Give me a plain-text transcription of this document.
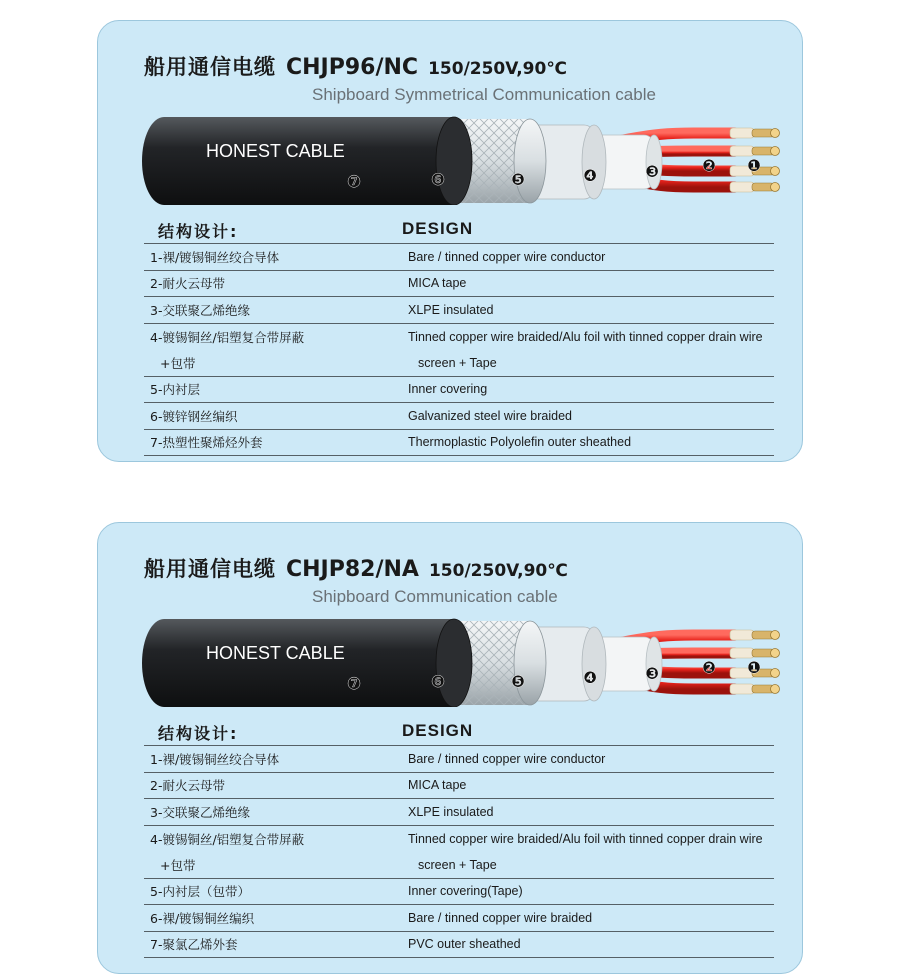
船用通信电缆 CHJP96/NC 150/250V,90℃
Shipboard Symmetrical Communication cable
HONEST CABLE
❶
❷
❸
❹
❺
❻
❼
结构设计:	DESIGN
1-裸/镀锡铜丝绞合导体	Bare / tinned copper wire conductor
2-耐火云母带	MICA tape
3-交联聚乙烯绝缘	XLPE insulated
4-镀锡铜丝/铝塑复合带屏蔽	Tinned copper wire braided/Alu foil with tinned copper drain wire
+包带	screen + Tape
5-内衬层	Inner covering
6-镀锌钢丝编织	Galvanized steel wire braided
7-热塑性聚烯烃外套	Thermoplastic Polyolefin outer sheathed
船用通信电缆 CHJP82/NA 150/250V,90℃
Shipboard Communication cable
HONEST CABLE
❶
❷
❸
❹
❺
❻
❼
结构设计:	DESIGN
1-裸/镀锡铜丝绞合导体	Bare / tinned copper wire conductor
2-耐火云母带	MICA tape
3-交联聚乙烯绝缘	XLPE insulated
4-镀锡铜丝/铝塑复合带屏蔽	Tinned copper wire braided/Alu foil with tinned copper drain wire
+包带	screen + Tape
5-内衬层（包带）	Inner covering(Tape)
6-裸/镀锡铜丝编织	Bare / tinned copper wire braided
7-聚氯乙烯外套	PVC outer sheathed
